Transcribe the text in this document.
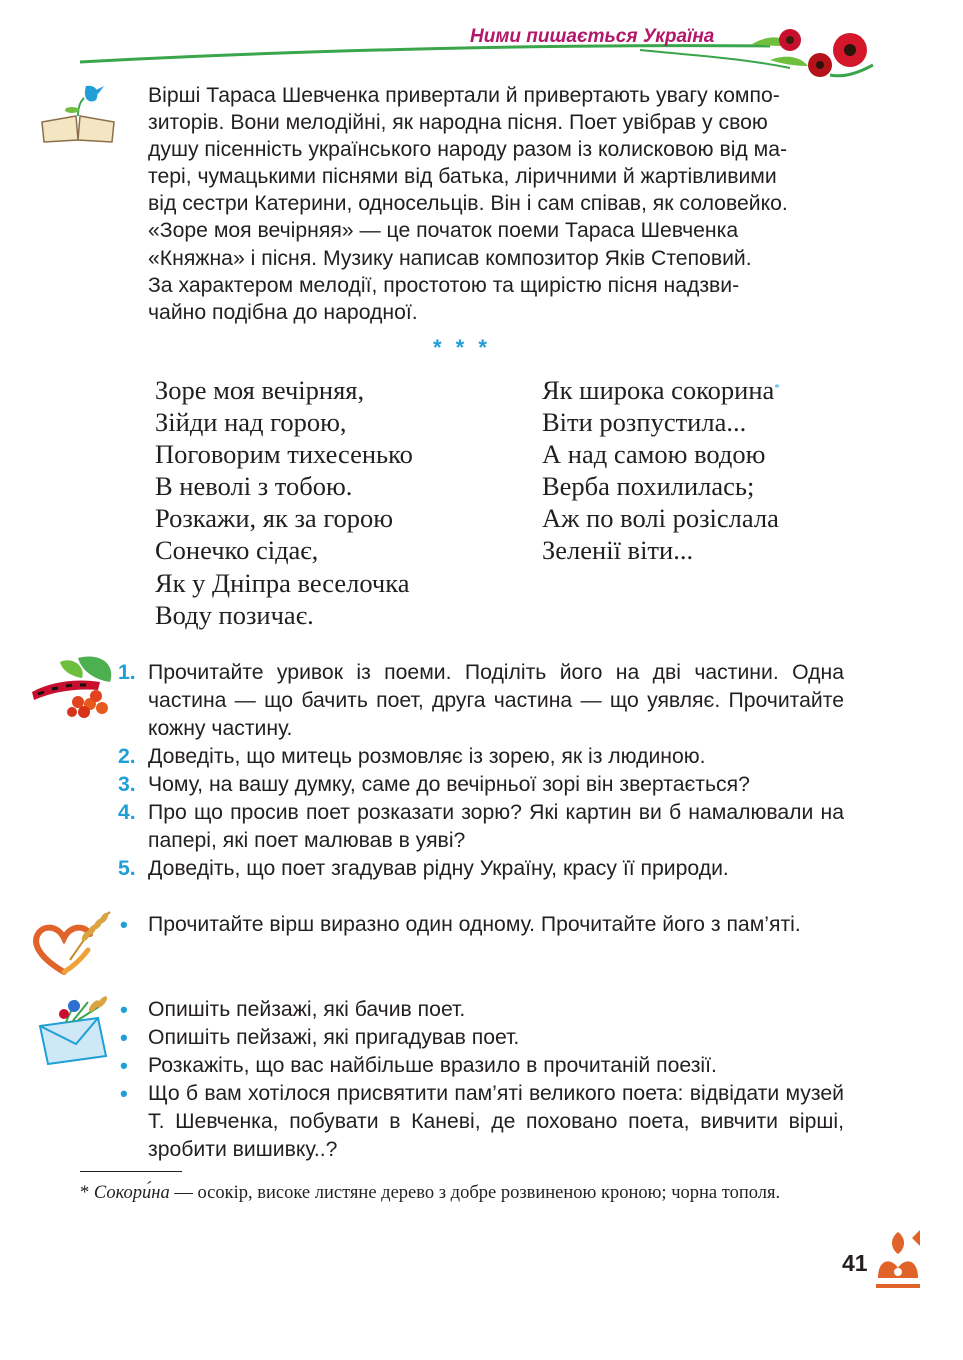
Ними пишається Україна

Вірші Тараса Шевченка привертали й привертають увагу компо-

зиторів. Вони мелодійні, як народна пісня. Поет увібрав у свою

душу пісенність українського народу разом із колисковою від ма-

тері, чумацькими піснями від батька, ліричними й жартівливими

від сестри Катерини, односельців. Він і сам співав, як соловейко.

«Зоре моя вечірняя» — це початок поеми Тараса Шевченка

«Княжна» і пісня. Музику написав композитор Яків Степовий.

За характером мелодії, простотою та щирістю пісня надзви-

чайно подібна до народної.

* * *
Зоре моя вечірняя,
Зійди над горою,
Поговорим тихесенько
В неволі з тобою.
Розкажи, як за горою
Сонечко сідає,
Як у Дніпра веселочка
Воду позичає.
Як широка сокорина*
Віти розпустила...
А над самою водою
Верба похилилась;
Аж по волі розіслала
Зеленії віти...
1. Прочитайте уривок із поеми. Поділіть його на дві частини. Одна частина — що бачить поет, друга частина — що уявляє. Прочитайте кожну частину.
2. Доведіть, що митець розмовляє із зорею, як із людиною.
3. Чому, на вашу думку, саме до вечірньої зорі він звертається?
4. Про що просив поет розказати зорю? Які картин ви б намалювали на папері, які поет малював в уяві?
5. Доведіть, що поет згадував рідну Україну, красу її природи.
• Прочитайте вірш виразно один одному. Прочитайте його з пам’яті.
• Опишіть пейзажі, які бачив поет.
• Опишіть пейзажі, які пригадував поет.
• Розкажіть, що вас найбільше вразило в прочитаній поезії.
• Що б вам хотілося присвятити пам’яті великого поета: відвідати музей Т. Шевченка, побувати в Каневі, де поховано поета, вивчити вірші, зробити вишивку..?
* Сокори́на — осокір, високе листяне дерево з добре розвиненою кроною; чорна тополя.
41
